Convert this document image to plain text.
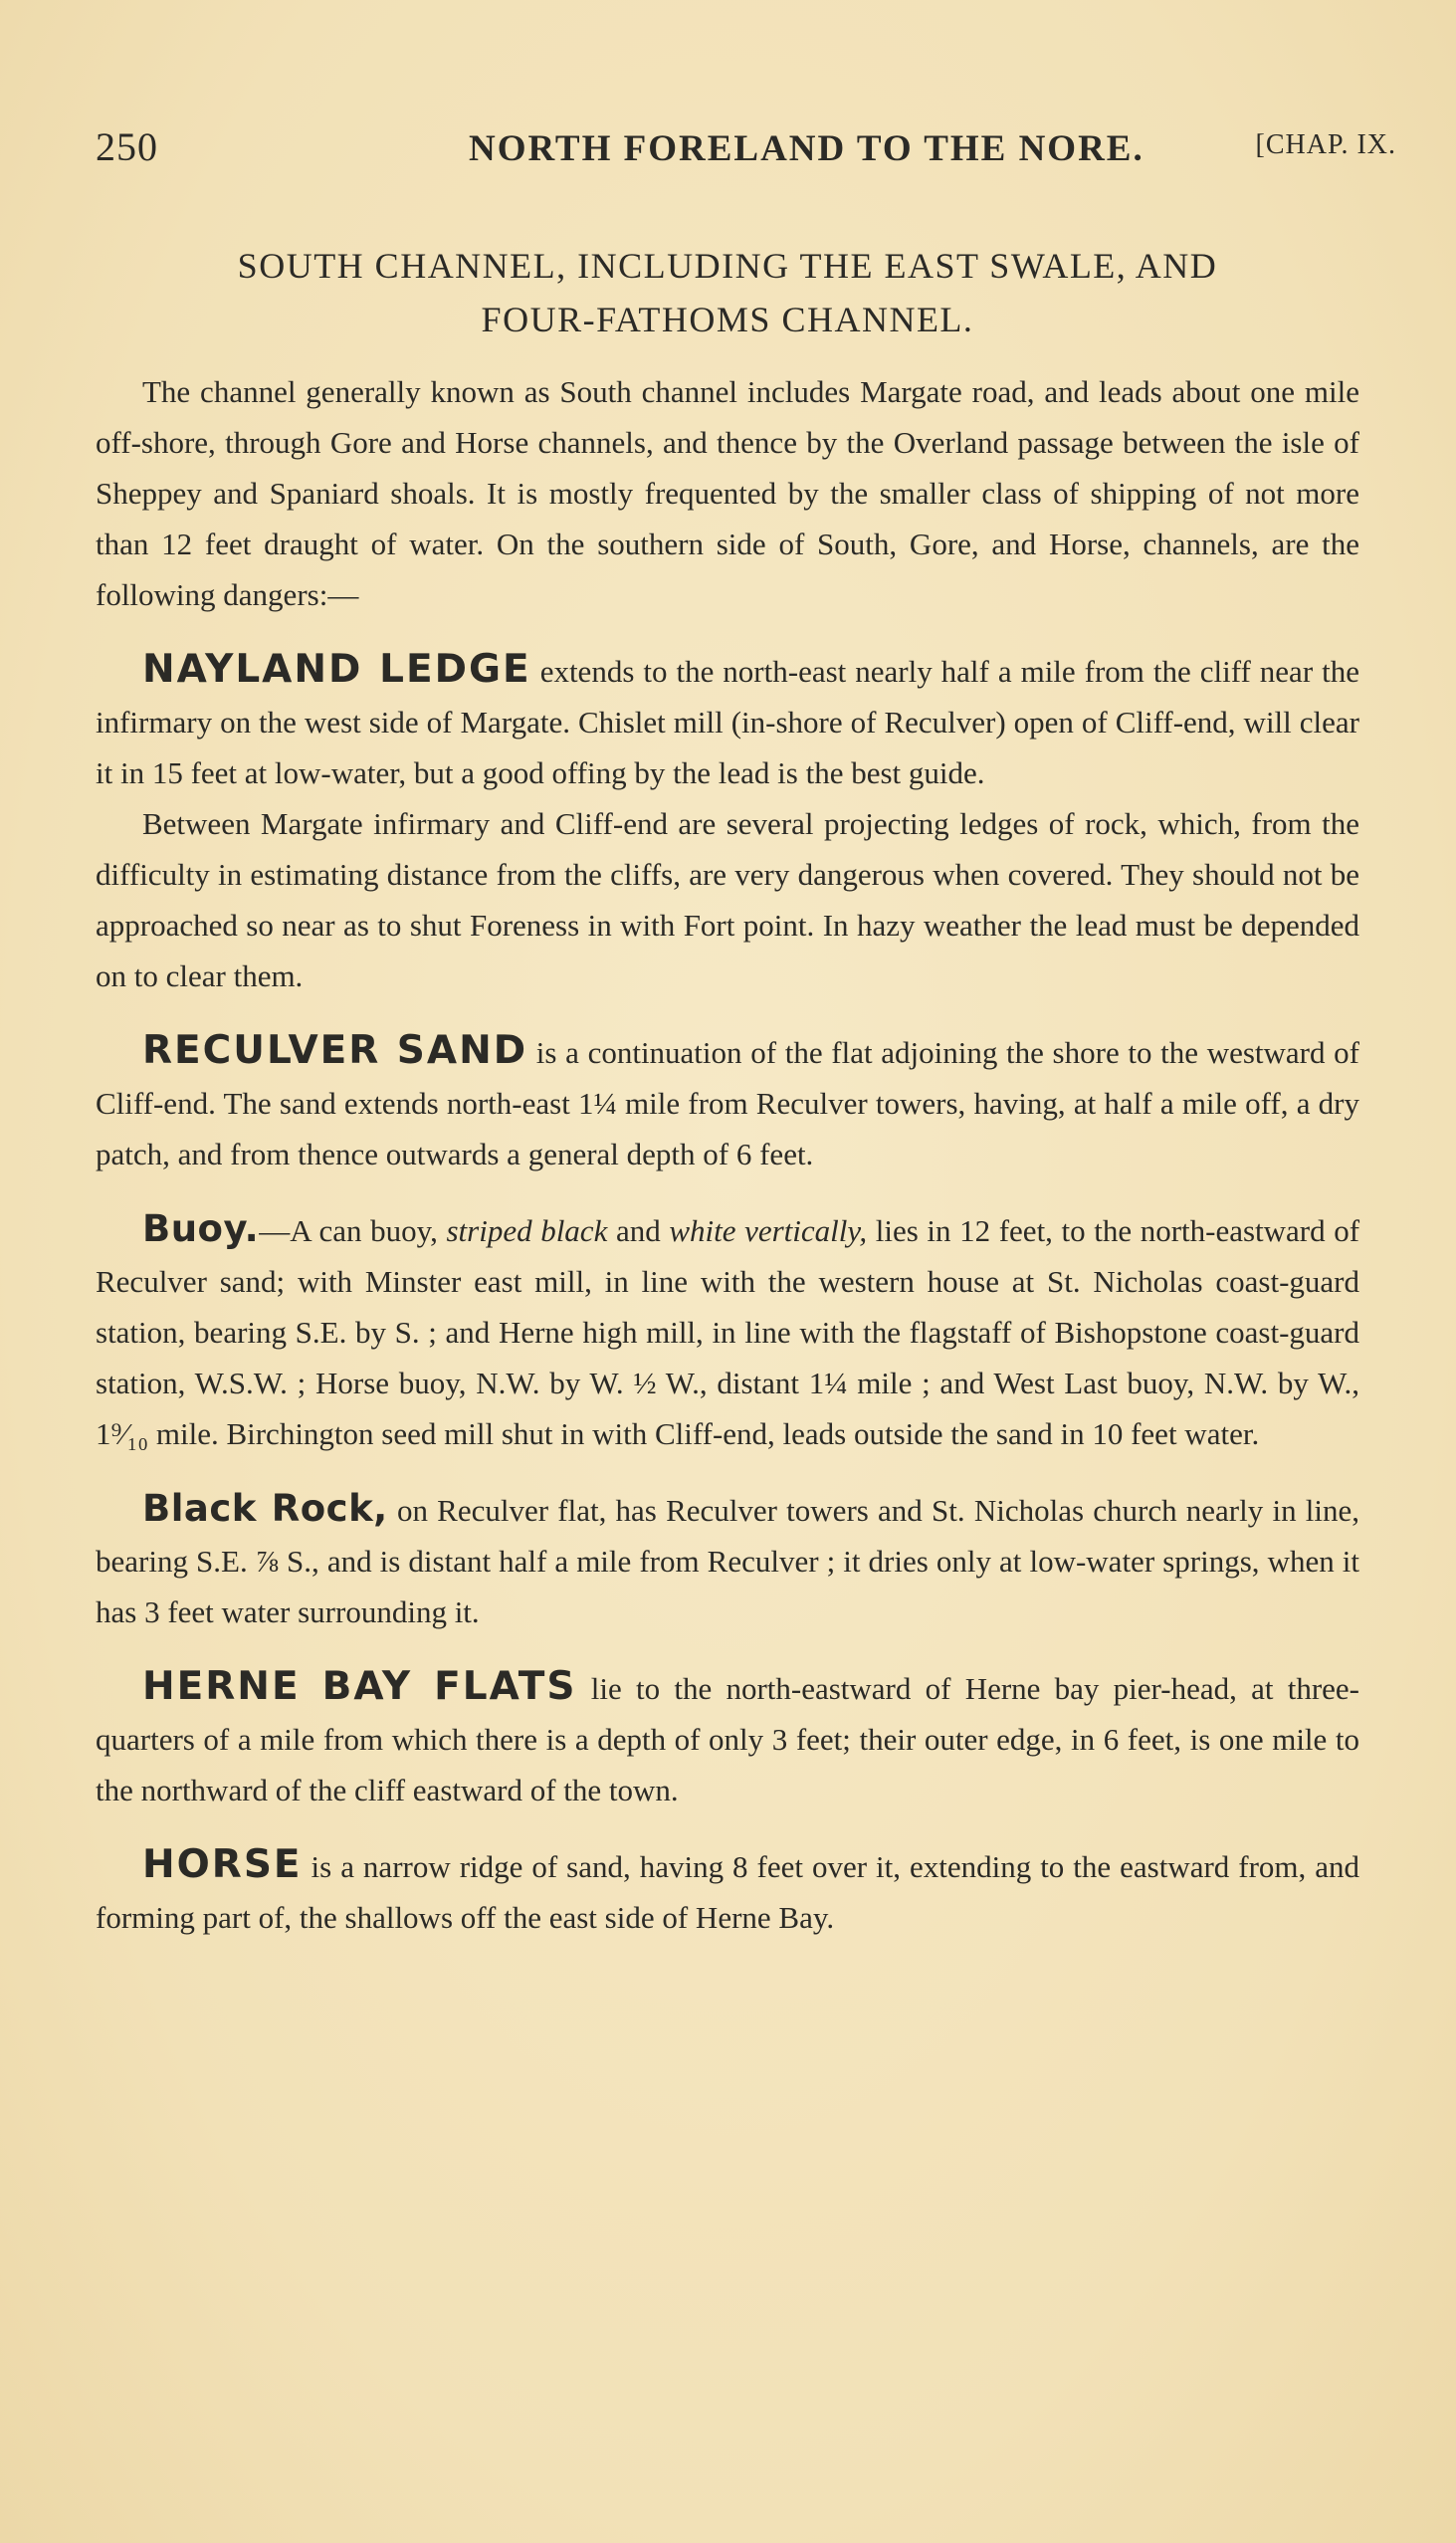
250	NORTH FORELAND TO THE NORE.	[CHAP. IX.
SOUTH CHANNEL, INCLUDING THE EAST SWALE, AND
FOUR-FATHOMS CHANNEL.

The channel generally known as South channel includes Margate road, and leads about one mile off-shore, through Gore and Horse channels, and thence by the Overland passage between the isle of Sheppey and Spaniard shoals. It is mostly frequented by the smaller class of shipping of not more than 12 feet draught of water. On the southern side of South, Gore, and Horse, channels, are the following dangers:—

NAYLAND LEDGE extends to the north-east nearly half a mile from the cliff near the infirmary on the west side of Margate. Chislet mill (in-shore of Reculver) open of Cliff-end, will clear it in 15 feet at low-water, but a good offing by the lead is the best guide.

Between Margate infirmary and Cliff-end are several projecting ledges of rock, which, from the difficulty in estimating distance from the cliffs, are very dangerous when covered. They should not be approached so near as to shut Foreness in with Fort point. In hazy weather the lead must be depended on to clear them.

RECULVER SAND is a continuation of the flat adjoining the shore to the westward of Cliff-end. The sand extends north-east 1¼ mile from Reculver towers, having, at half a mile off, a dry patch, and from thence outwards a general depth of 6 feet.

Buoy.—A can buoy, striped black and white vertically, lies in 12 feet, to the north-eastward of Reculver sand; with Minster east mill, in line with the western house at St. Nicholas coast-guard station, bearing S.E. by S. ; and Herne high mill, in line with the flagstaff of Bishopstone coast-guard station, W.S.W. ; Horse buoy, N.W. by W. ½ W., distant 1¼ mile ; and West Last buoy, N.W. by W., 1⁹⁄₁₀ mile. Birchington seed mill shut in with Cliff-end, leads outside the sand in 10 feet water.

Black Rock, on Reculver flat, has Reculver towers and St. Nicholas church nearly in line, bearing S.E. ⅞ S., and is distant half a mile from Reculver ; it dries only at low-water springs, when it has 3 feet water surrounding it.

HERNE BAY FLATS lie to the north-eastward of Herne bay pier-head, at three-quarters of a mile from which there is a depth of only 3 feet; their outer edge, in 6 feet, is one mile to the northward of the cliff eastward of the town.

HORSE is a narrow ridge of sand, having 8 feet over it, extending to the eastward from, and forming part of, the shallows off the east side of Herne Bay.
